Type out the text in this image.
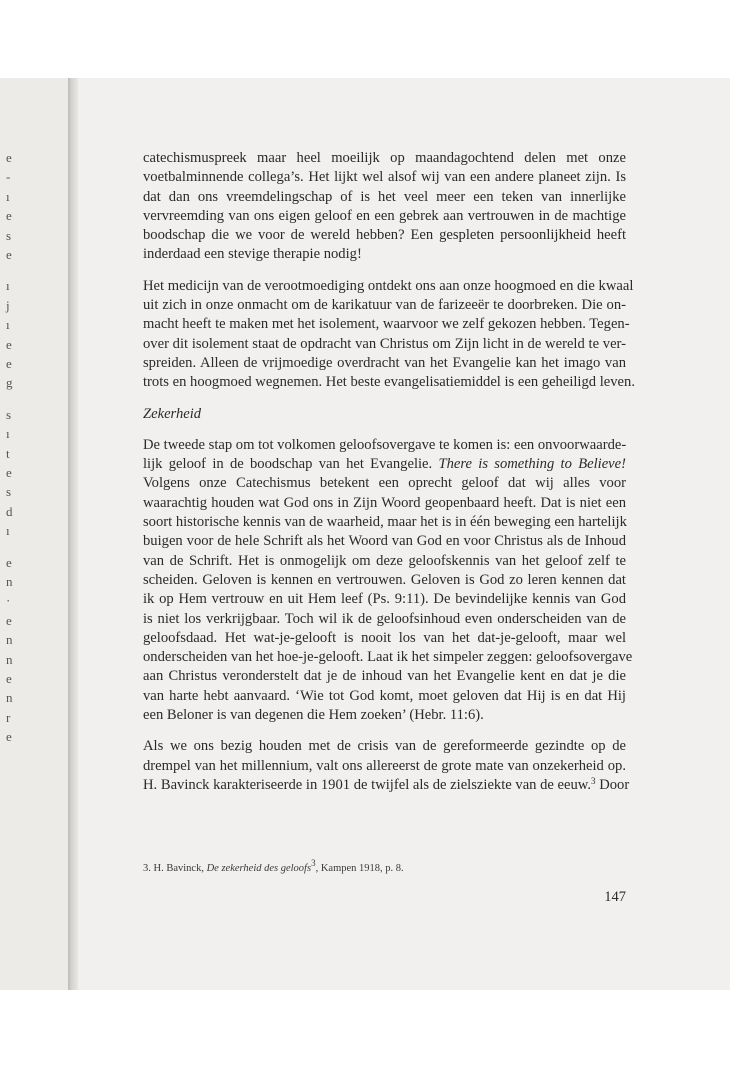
e
-
ı
e
s
e
ı
j
ı
e
e
g
s
ı
t
e
s
d
ı
e
n
·
e
n
n
e
n
r
e

catechismuspreek maar heel moeilijk op maandagochtend delen met onze
voetbalminnende collega’s. Het lijkt wel alsof wij van een andere planeet zijn. Is
dat dan ons vreemdelingschap of is het veel meer een teken van innerlijke
vervreemding van ons eigen geloof en een gebrek aan vertrouwen in de machtige
boodschap die we voor de wereld hebben? Een gespleten persoonlijkheid heeft
inderdaad een stevige therapie nodig!

Het medicijn van de verootmoediging ontdekt ons aan onze hoogmoed en die kwaal
uit zich in onze onmacht om de karikatuur van de farizeeër te doorbreken. Die on-
macht heeft te maken met het isolement, waarvoor we zelf gekozen hebben. Tegen-
over dit isolement staat de opdracht van Christus om Zijn licht in de wereld te ver-
spreiden. Alleen de vrijmoedige overdracht van het Evangelie kan het imago van
trots en hoogmoed wegnemen. Het beste evangelisatiemiddel is een geheiligd leven.

Zekerheid

De tweede stap om tot volkomen geloofsovergave te komen is: een onvoorwaarde-
lijk geloof in de boodschap van het Evangelie. There is something to Believe!
Volgens onze Catechismus betekent een oprecht geloof dat wij alles voor
waarachtig houden wat God ons in Zijn Woord geopenbaard heeft. Dat is niet een
soort historische kennis van de waarheid, maar het is in één beweging een hartelijk
buigen voor de hele Schrift als het Woord van God en voor Christus als de Inhoud
van de Schrift. Het is onmogelijk om deze geloofskennis van het geloof zelf te
scheiden. Geloven is kennen en vertrouwen. Geloven is God zo leren kennen dat
ik op Hem vertrouw en uit Hem leef (Ps. 9:11). De bevindelijke kennis van God
is niet los verkrijgbaar. Toch wil ik de geloofsinhoud even onderscheiden van de
geloofsdaad. Het wat-je-gelooft is nooit los van het dat-je-gelooft, maar wel
onderscheiden van het hoe-je-gelooft. Laat ik het simpeler zeggen: geloofsovergave
aan Christus veronderstelt dat je de inhoud van het Evangelie kent en dat je die
van harte hebt aanvaard. ‘Wie tot God komt, moet geloven dat Hij is en dat Hij
een Beloner is van degenen die Hem zoeken’ (Hebr. 11:6).

Als we ons bezig houden met de crisis van de gereformeerde gezindte op de
drempel van het millennium, valt ons allereerst de grote mate van onzekerheid op.
H. Bavinck karakteriseerde in 1901 de twijfel als de zielsziekte van de eeuw.$^3$ Door

3. H. Bavinck, De zekerheid des geloofs$^3$, Kampen 1918, p. 8.
147
